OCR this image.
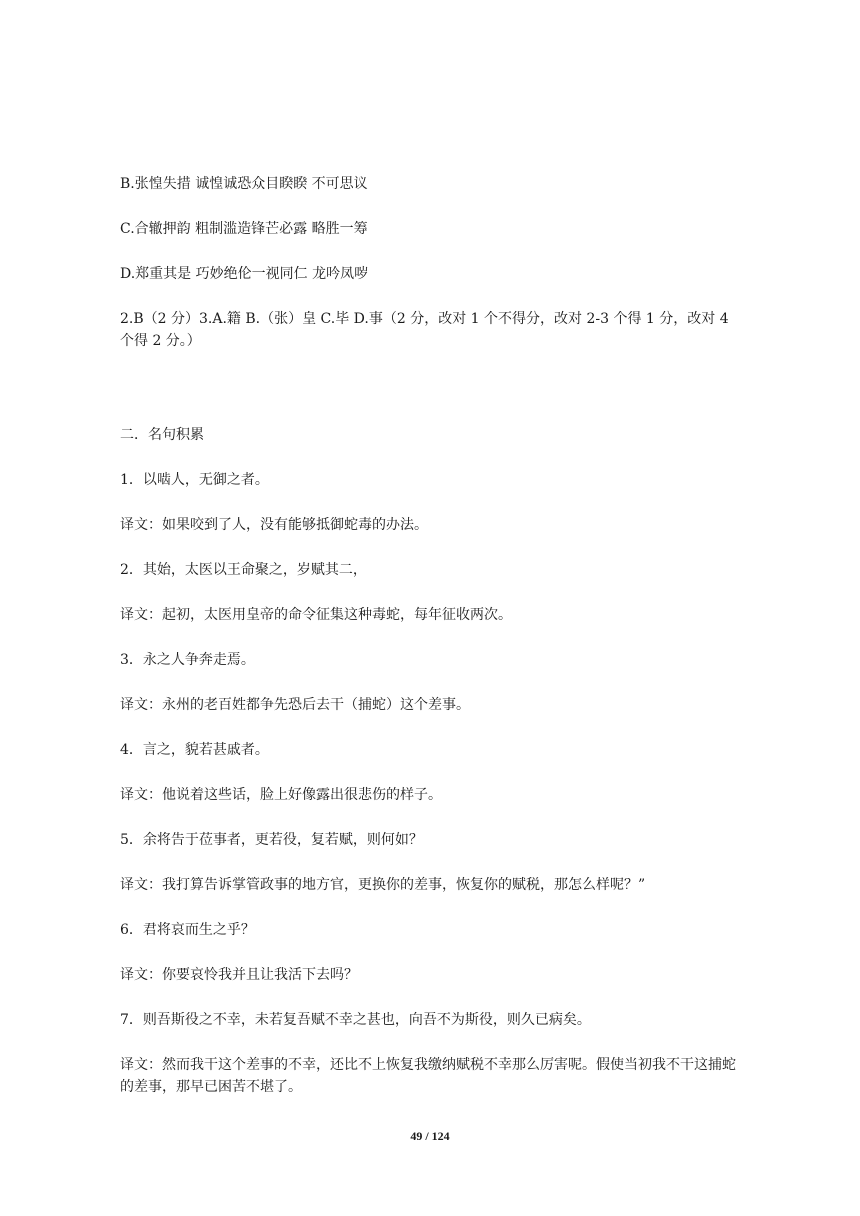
B.张惶失措 诚惶诚恐众目睽睽 不可思议
C.合辙押韵 粗制滥造锋芒必露 略胜一筹
D.郑重其是 巧妙绝伦一视同仁 龙吟凤哕
2.B（2 分）3.A.籍 B.（张）皇 C.毕 D.事（2 分，改对 1 个不得分，改对 2-3 个得 1 分，改对 4 个得 2 分。）
二．名句积累
1．以啮人，无御之者。
译文：如果咬到了人，没有能够抵御蛇毒的办法。
2．其始，太医以王命聚之，岁赋其二，
译文：起初，太医用皇帝的命令征集这种毒蛇，每年征收两次。
3．永之人争奔走焉。
译文：永州的老百姓都争先恐后去干（捕蛇）这个差事。
4．言之，貌若甚戚者。
译文：他说着这些话，脸上好像露出很悲伤的样子。
5．余将告于莅事者，更若役，复若赋，则何如？
译文：我打算告诉掌管政事的地方官，更换你的差事，恢复你的赋税，那怎么样呢？”
6．君将哀而生之乎？
译文：你要哀怜我并且让我活下去吗？
7．则吾斯役之不幸，未若复吾赋不幸之甚也，向吾不为斯役，则久已病矣。
译文：然而我干这个差事的不幸，还比不上恢复我缴纳赋税不幸那么厉害呢。假使当初我不干这捕蛇的差事，那早已困苦不堪了。
49 / 124
